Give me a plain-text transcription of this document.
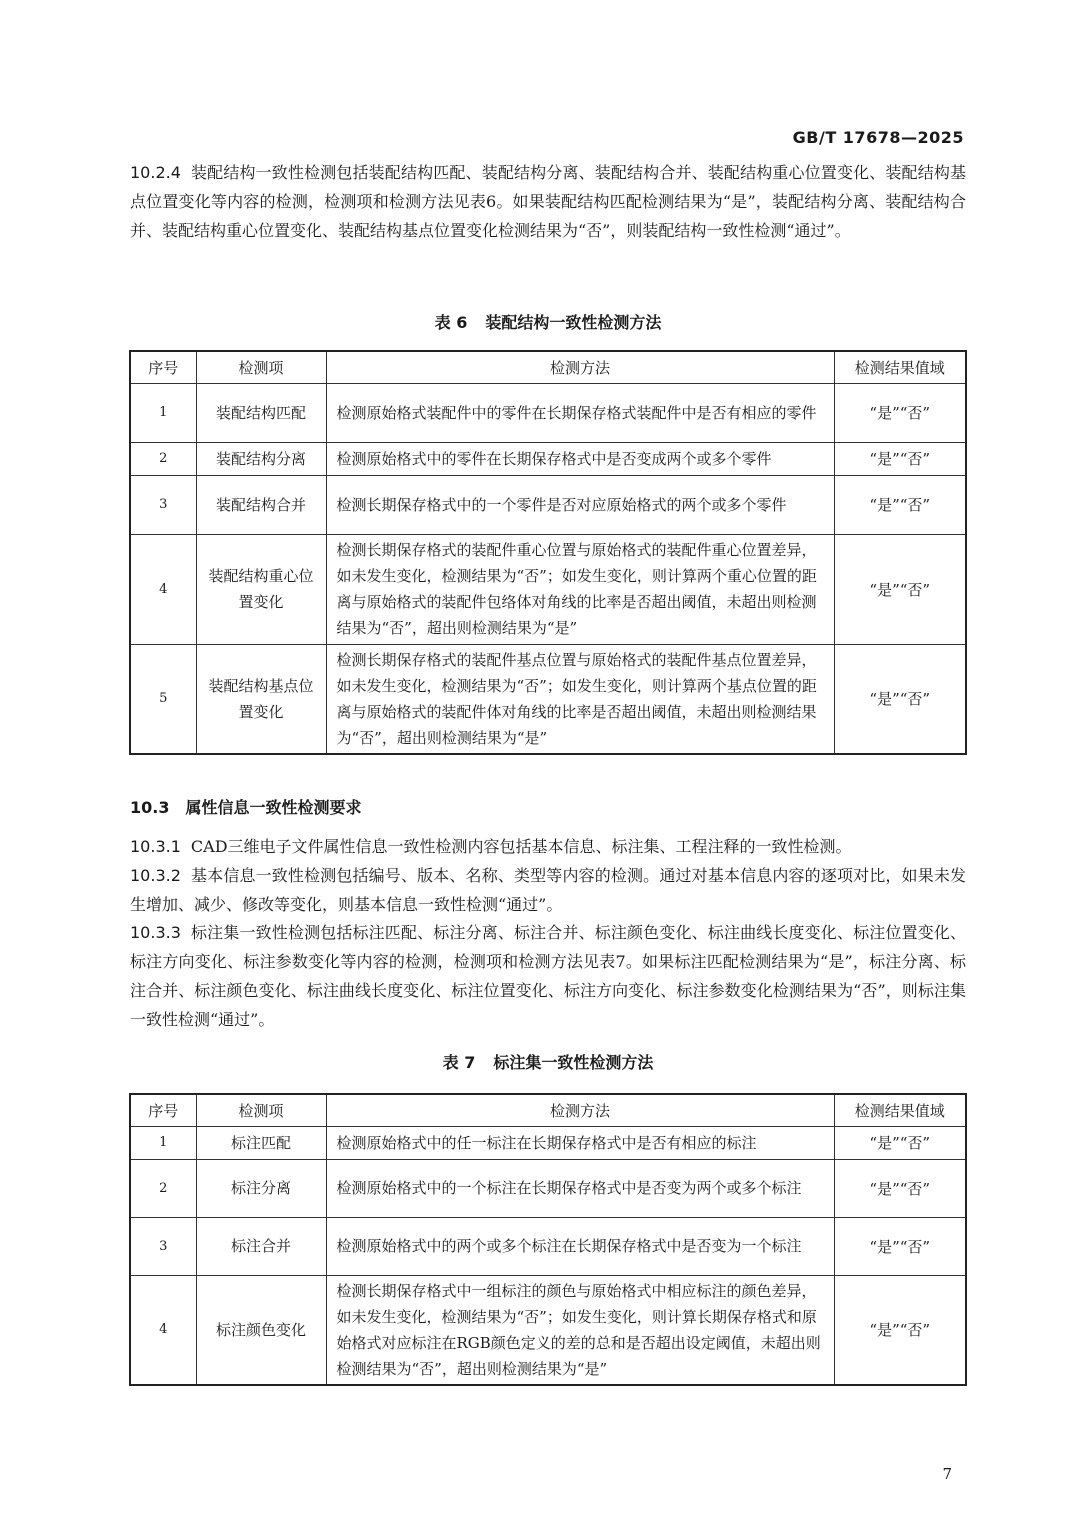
GB/T 17678—2025

10.2.4 装配结构一致性检测包括装配结构匹配、装配结构分离、装配结构合并、装配结构重心位置变化、装配结构基点位置变化等内容的检测，检测项和检测方法见表6。如果装配结构匹配检测结果为“是”，装配结构分离、装配结构合并、装配结构重心位置变化、装配结构基点位置变化检测结果为“否”，则装配结构一致性检测“通过”。

表 6 装配结构一致性检测方法
序号	检测项	检测方法	检测结果值域
1	装配结构匹配	检测原始格式装配件中的零件在长期保存格式装配件中是否有相应的零件	“是”“否”
2	装配结构分离	检测原始格式中的零件在长期保存格式中是否变成两个或多个零件	“是”“否”
3	装配结构合并	检测长期保存格式中的一个零件是否对应原始格式的两个或多个零件	“是”“否”
4	装配结构重心位置变化	检测长期保存格式的装配件重心位置与原始格式的装配件重心位置差异，如未发生变化，检测结果为“否”；如发生变化，则计算两个重心位置的距离与原始格式的装配件包络体对角线的比率是否超出阈值，未超出则检测结果为“否”，超出则检测结果为“是”	“是”“否”
5	装配结构基点位置变化	检测长期保存格式的装配件基点位置与原始格式的装配件基点位置差异，如未发生变化，检测结果为“否”；如发生变化，则计算两个基点位置的距离与原始格式的装配件体对角线的比率是否超出阈值，未超出则检测结果为“否”，超出则检测结果为“是”	“是”“否”
10.3 属性信息一致性检测要求

10.3.1 CAD三维电子文件属性信息一致性检测内容包括基本信息、标注集、工程注释的一致性检测。

10.3.2 基本信息一致性检测包括编号、版本、名称、类型等内容的检测。通过对基本信息内容的逐项对比，如果未发生增加、减少、修改等变化，则基本信息一致性检测“通过”。

10.3.3 标注集一致性检测包括标注匹配、标注分离、标注合并、标注颜色变化、标注曲线长度变化、标注位置变化、标注方向变化、标注参数变化等内容的检测，检测项和检测方法见表7。如果标注匹配检测结果为“是”，标注分离、标注合并、标注颜色变化、标注曲线长度变化、标注位置变化、标注方向变化、标注参数变化检测结果为“否”，则标注集一致性检测“通过”。

表 7 标注集一致性检测方法
序号	检测项	检测方法	检测结果值域
1	标注匹配	检测原始格式中的任一标注在长期保存格式中是否有相应的标注	“是”“否”
2	标注分离	检测原始格式中的一个标注在长期保存格式中是否变为两个或多个标注	“是”“否”
3	标注合并	检测原始格式中的两个或多个标注在长期保存格式中是否变为一个标注	“是”“否”
4	标注颜色变化	检测长期保存格式中一组标注的颜色与原始格式中相应标注的颜色差异，如未发生变化，检测结果为“否”；如发生变化，则计算长期保存格式和原始格式对应标注在RGB颜色定义的差的总和是否超出设定阈值，未超出则检测结果为“否”，超出则检测结果为“是”	“是”“否”
7
